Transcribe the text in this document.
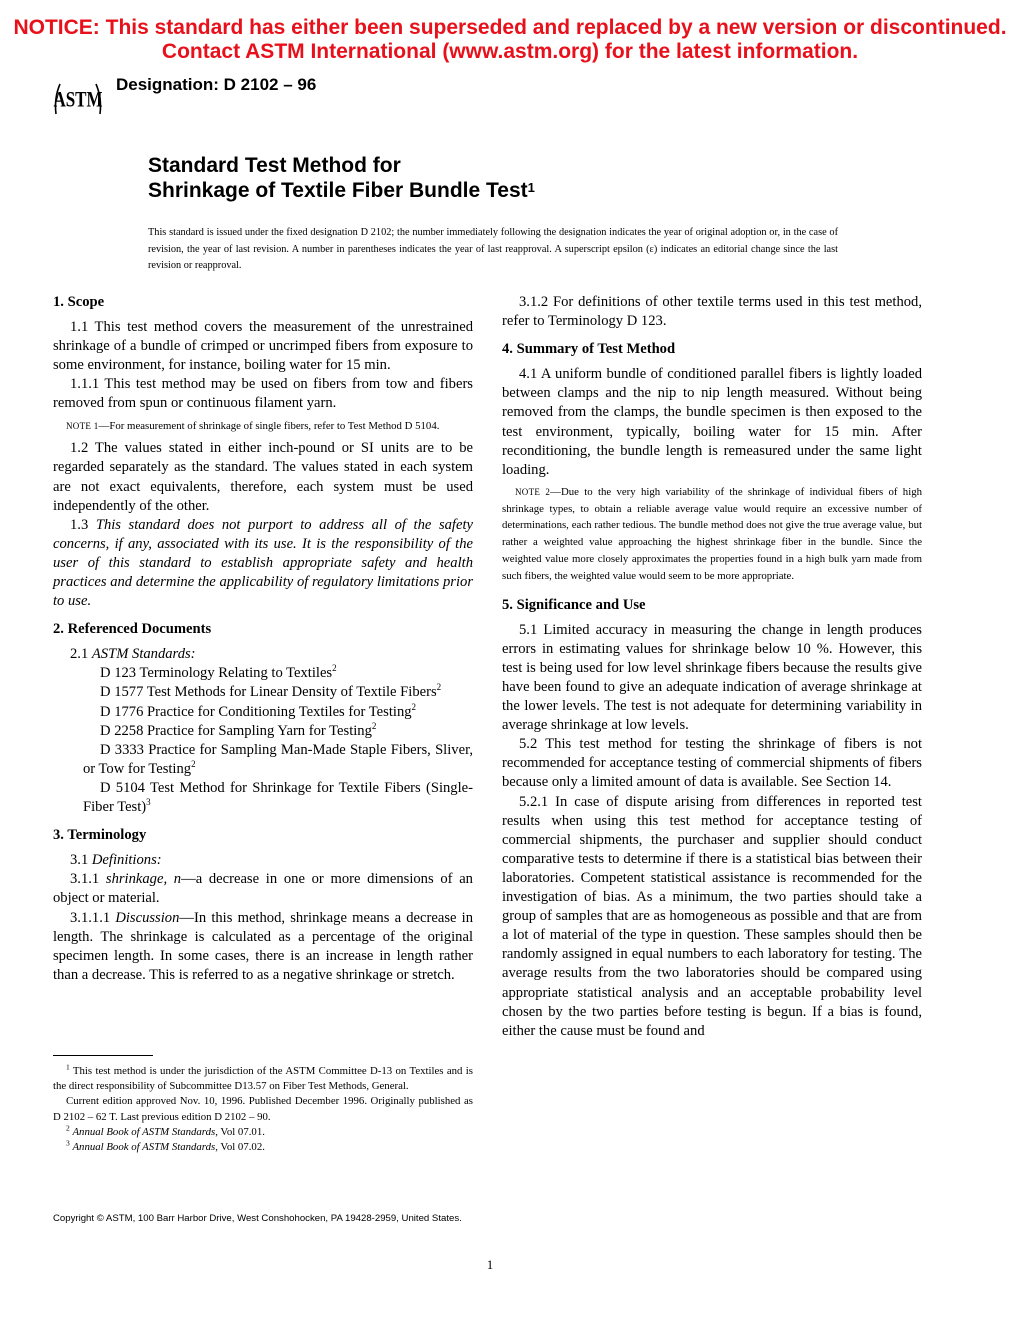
NOTICE: This standard has either been superseded and replaced by a new version or discontinued.
Contact ASTM International (www.astm.org) for the latest information.
ASTM
Designation: D 2102 – 96
Standard Test Method for
Shrinkage of Textile Fiber Bundle Test$^1$
This standard is issued under the fixed designation D 2102; the number immediately following the designation indicates the year of original adoption or, in the case of revision, the year of last revision. A number in parentheses indicates the year of last reapproval. A superscript epsilon (ε) indicates an editorial change since the last revision or reapproval.
1. Scope

1.1 This test method covers the measurement of the unrestrained shrinkage of a bundle of crimped or uncrimped fibers from exposure to some environment, for instance, boiling water for 15 min.

1.1.1 This test method may be used on fibers from tow and fibers removed from spun or continuous filament yarn.

NOTE 1—For measurement of shrinkage of single fibers, refer to Test Method D 5104.

1.2 The values stated in either inch-pound or SI units are to be regarded separately as the standard. The values stated in each system are not exact equivalents, therefore, each system must be used independently of the other.

1.3 This standard does not purport to address all of the safety concerns, if any, associated with its use. It is the responsibility of the user of this standard to establish appropriate safety and health practices and determine the applicability of regulatory limitations prior to use.

2. Referenced Documents

2.1 ASTM Standards:

D 123 Terminology Relating to Textiles$^2$

D 1577 Test Methods for Linear Density of Textile Fibers$^2$

D 1776 Practice for Conditioning Textiles for Testing$^2$

D 2258 Practice for Sampling Yarn for Testing$^2$

D 3333 Practice for Sampling Man-Made Staple Fibers, Sliver, or Tow for Testing$^2$

D 5104 Test Method for Shrinkage for Textile Fibers (Single-Fiber Test)$^3$

3. Terminology

3.1 Definitions:

3.1.1 shrinkage, n—a decrease in one or more dimensions of an object or material.

3.1.1.1 Discussion—In this method, shrinkage means a decrease in length. The shrinkage is calculated as a percentage of the original specimen length. In some cases, there is an increase in length rather than a decrease. This is referred to as a negative shrinkage or stretch.

3.1.2 For definitions of other textile terms used in this test method, refer to Terminology D 123.

4. Summary of Test Method

4.1 A uniform bundle of conditioned parallel fibers is lightly loaded between clamps and the nip to nip length measured. Without being removed from the clamps, the bundle specimen is then exposed to the test environment, typically, boiling water for 15 min. After reconditioning, the bundle length is remeasured under the same light loading.

NOTE 2—Due to the very high variability of the shrinkage of individual fibers of high shrinkage types, to obtain a reliable average value would require an excessive number of determinations, each rather tedious. The bundle method does not give the true average value, but rather a weighted value approaching the highest shrinkage fiber in the bundle. Since the weighted value more closely approximates the properties found in a high bulk yarn made from such fibers, the weighted value would seem to be more appropriate.
5. Significance and Use

5.1 Limited accuracy in measuring the change in length produces errors in estimating values for shrinkage below 10 %. However, this test is being used for low level shrinkage fibers because the results give have been found to give an adequate indication of average shrinkage at the lower levels. The test is not adequate for determining variability in average shrinkage at low levels.

5.2 This test method for testing the shrinkage of fibers is not recommended for acceptance testing of commercial shipments of fibers because only a limited amount of data is available. See Section 14.

5.2.1 In case of dispute arising from differences in reported test results when using this test method for acceptance testing of commercial shipments, the purchaser and supplier should conduct comparative tests to determine if there is a statistical bias between their laboratories. Competent statistical assistance is recommended for the investigation of bias. As a minimum, the two parties should take a group of samples that are as homogeneous as possible and that are from a lot of material of the type in question. These samples should then be randomly assigned in equal numbers to each laboratory for testing. The average results from the two laboratories should be compared using appropriate statistical analysis and an acceptable probability level chosen by the two parties before testing is begun. If a bias is found, either the cause must be found and

$^1$ This test method is under the jurisdiction of the ASTM Committee D-13 on Textiles and is the direct responsibility of Subcommittee D13.57 on Fiber Test Methods, General.

Current edition approved Nov. 10, 1996. Published December 1996. Originally published as D 2102 – 62 T. Last previous edition D 2102 – 90.

$^2$ Annual Book of ASTM Standards, Vol 07.01.

$^3$ Annual Book of ASTM Standards, Vol 07.02.

Copyright © ASTM, 100 Barr Harbor Drive, West Conshohocken, PA 19428-2959, United States.
1
